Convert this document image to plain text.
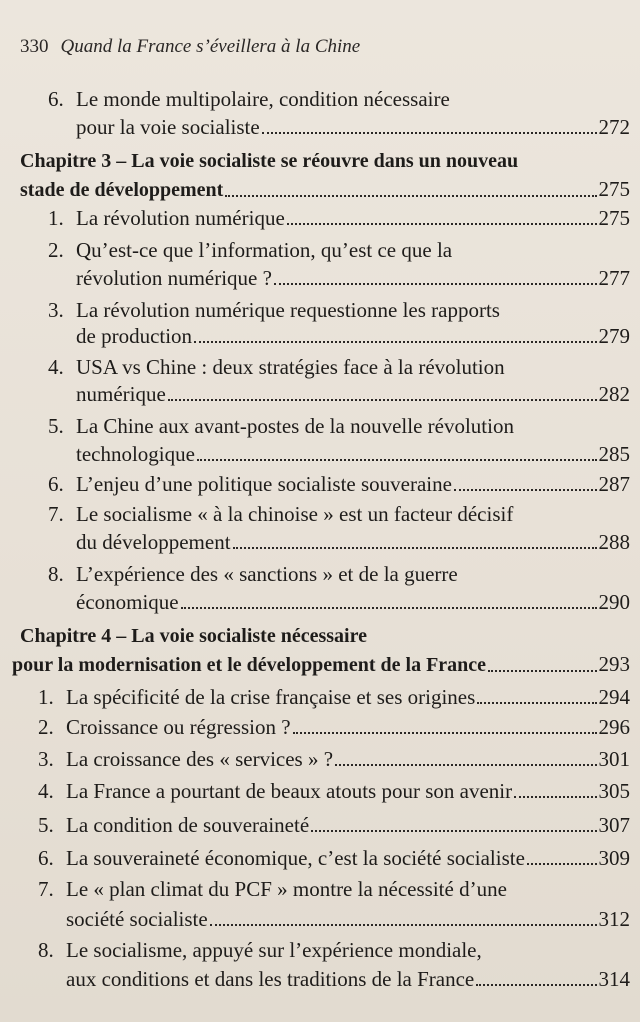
330 Quand la France s’éveillera à la Chine
6. Le monde multipolaire, condition nécessaire
pour la voie socialiste	272
Chapitre 3 – La voie socialiste se réouvre dans un nouveau
stade de développement	275
1. La révolution numérique	275
2. Qu’est-ce que l’information, qu’est ce que la
révolution numérique ?	277
3. La révolution numérique requestionne les rapports
de production	279
4. USA vs Chine : deux stratégies face à la révolution
numérique	282
5. La Chine aux avant-postes de la nouvelle révolution
technologique	285
6. L’enjeu d’une politique socialiste souveraine	287
7. Le socialisme « à la chinoise » est un facteur décisif
du développement	288
8. L’expérience des « sanctions » et de la guerre
économique	290
Chapitre 4 – La voie socialiste nécessaire
pour la modernisation et le développement de la France	293
1. La spécificité de la crise française et ses origines	294
2. Croissance ou régression ?	296
3. La croissance des « services » ?	301
4. La France a pourtant de beaux atouts pour son avenir	305
5. La condition de souveraineté	307
6. La souveraineté économique, c’est la société socialiste	309
7. Le « plan climat du PCF » montre la nécessité d’une
société socialiste	312
8. Le socialisme, appuyé sur l’expérience mondiale,
aux conditions et dans les traditions de la France	314
